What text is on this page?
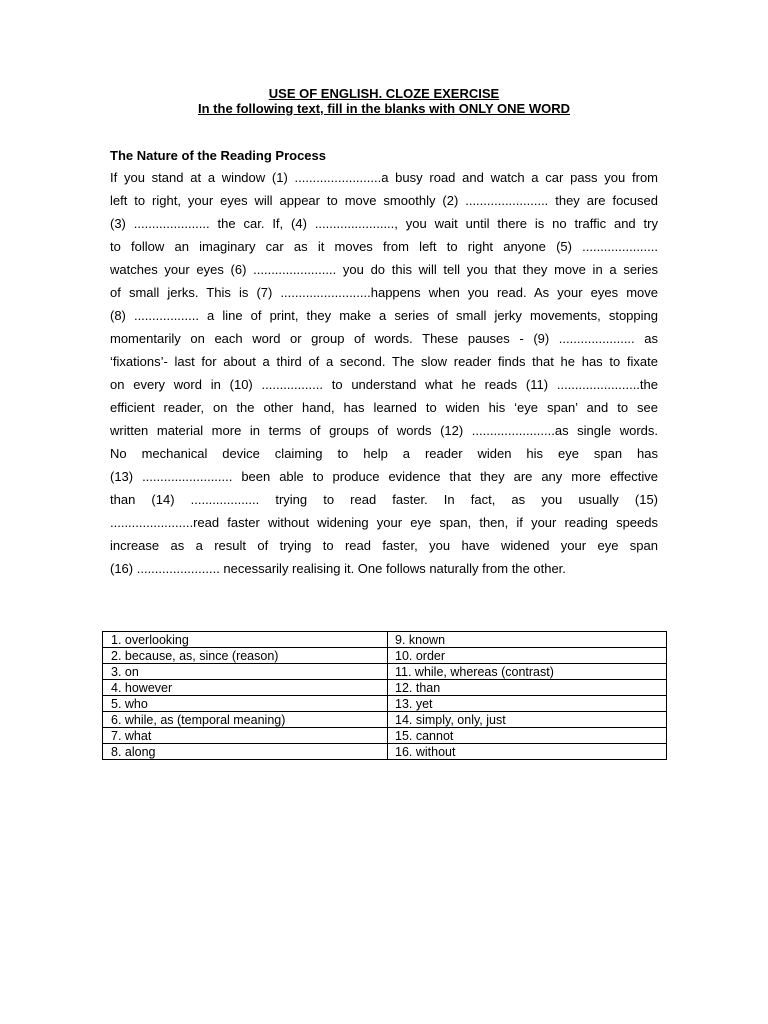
USE OF ENGLISH. CLOZE EXERCISE
In the following text, fill in the blanks with ONLY ONE WORD
The Nature of the Reading Process
If you stand at a window (1) ........................a busy road and watch a car pass you from
left to right, your eyes will appear to move smoothly (2) ....................... they are focused
(3) ..................... the car. If, (4) ......................, you wait until there is no traffic and try
to follow an imaginary car as it moves from left to right anyone (5) .....................
watches your eyes (6) ....................... you do this will tell you that they move in a series
of small jerks. This is (7) .........................happens when you read. As your eyes move
(8) .................. a line of print, they make a series of small jerky movements, stopping
momentarily on each word or group of words. These pauses - (9) ..................... as
‘fixations’- last for about a third of a second. The slow reader finds that he has to fixate
on every word in (10) ................. to understand what he reads (11) .......................the
efficient reader, on the other hand, has learned to widen his ‘eye span’ and to see
written material more in terms of groups of words (12) .......................as single words.
No mechanical device claiming to help a reader widen his eye span has
(13) ......................... been able to produce evidence that they are any more effective
than (14) ................... trying to read faster. In fact, as you usually (15)
.......................read faster without widening your eye span, then, if your reading speeds
increase as a result of trying to read faster, you have widened your eye span
(16) ....................... necessarily realising it. One follows naturally from the other.
1. overlooking	9. known
2. because, as, since (reason)	10. order
3. on	11. while, whereas (contrast)
4. however	12. than
5. who	13. yet
6. while, as (temporal meaning)	14. simply, only, just
7. what	15. cannot
8. along	16. without
